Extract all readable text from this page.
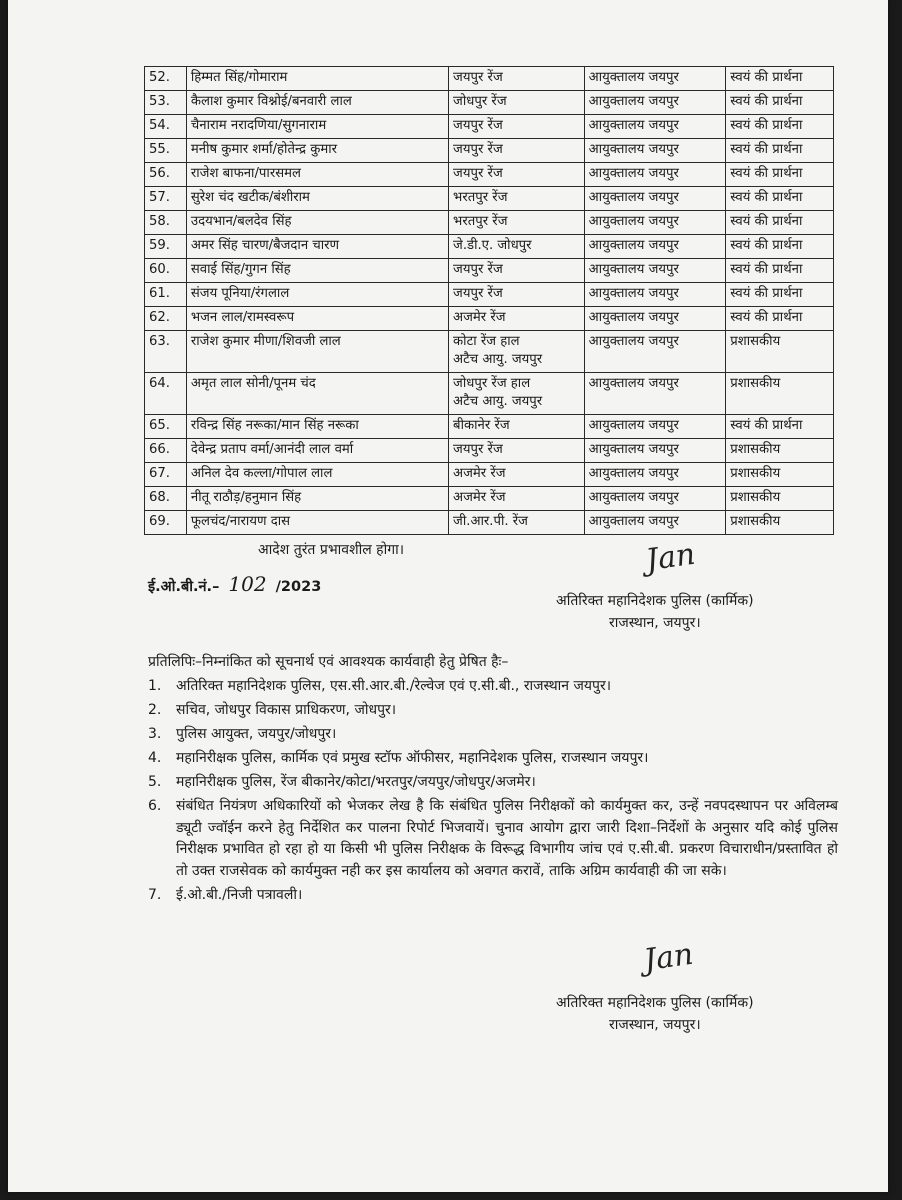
52.	हिम्मत सिंह/गोमाराम	जयपुर रेंज	आयुक्तालय जयपुर	स्वयं की प्रार्थना

53.	कैलाश कुमार विश्नोई/बनवारी लाल	जोधपुर रेंज	आयुक्तालय जयपुर	स्वयं की प्रार्थना

54.	चैनाराम नरादणिया/सुगनाराम	जयपुर रेंज	आयुक्तालय जयपुर	स्वयं की प्रार्थना

55.	मनीष कुमार शर्मा/होतेन्द्र कुमार	जयपुर रेंज	आयुक्तालय जयपुर	स्वयं की प्रार्थना

56.	राजेश बाफना/पारसमल	जयपुर रेंज	आयुक्तालय जयपुर	स्वयं की प्रार्थना

57.	सुरेश चंद खटीक/बंशीराम	भरतपुर रेंज	आयुक्तालय जयपुर	स्वयं की प्रार्थना

58.	उदयभान/बलदेव सिंह	भरतपुर रेंज	आयुक्तालय जयपुर	स्वयं की प्रार्थना

59.	अमर सिंह चारण/बैजदान चारण	जे.डी.ए. जोधपुर	आयुक्तालय जयपुर	स्वयं की प्रार्थना

60.	सवाई सिंह/गुगन सिंह	जयपुर रेंज	आयुक्तालय जयपुर	स्वयं की प्रार्थना

61.	संजय पूनिया/रंगलाल	जयपुर रेंज	आयुक्तालय जयपुर	स्वयं की प्रार्थना

62.	भजन लाल/रामस्वरूप	अजमेर रेंज	आयुक्तालय जयपुर	स्वयं की प्रार्थना

63.	राजेश कुमार मीणा/शिवजी लाल	कोटा रेंज हाल
अटैच आयु. जयपुर	आयुक्तालय जयपुर	प्रशासकीय

64.	अमृत लाल सोनी/पूनम चंद	जोधपुर रेंज हाल
अटैच आयु. जयपुर	आयुक्तालय जयपुर	प्रशासकीय

65.	रविन्द्र सिंह नरूका/मान सिंह नरूका	बीकानेर रेंज	आयुक्तालय जयपुर	स्वयं की प्रार्थना

66.	देवेन्द्र प्रताप वर्मा/आनंदी लाल वर्मा	जयपुर रेंज	आयुक्तालय जयपुर	प्रशासकीय

67.	अनिल देव कल्ला/गोपाल लाल	अजमेर रेंज	आयुक्तालय जयपुर	प्रशासकीय

68.	नीतू राठौड़/हनुमान सिंह	अजमेर रेंज	आयुक्तालय जयपुर	प्रशासकीय

69.	फूलचंद/नारायण दास	जी.आर.पी. रेंज	आयुक्तालय जयपुर	प्रशासकीय
आदेश तुरंत प्रभावशील होगा।
ई.ओ.बी.नं.– 102 /2023
Jan
अतिरिक्त महानिदेशक पुलिस (कार्मिक)
राजस्थान, जयपुर।
प्रतिलिपिः–निम्नांकित को सूचनार्थ एवं आवश्यक कार्यवाही हेतु प्रेषित हैः–
1.	अतिरिक्त महानिदेशक पुलिस, एस.सी.आर.बी./रेल्वेज एवं ए.सी.बी., राजस्थान जयपुर।
2.	सचिव, जोधपुर विकास प्राधिकरण, जोधपुर।
3.	पुलिस आयुक्त, जयपुर/जोधपुर।
4.	महानिरीक्षक पुलिस, कार्मिक एवं प्रमुख स्टॉफ ऑफीसर, महानिदेशक पुलिस, राजस्थान जयपुर।
5.	महानिरीक्षक पुलिस, रेंज बीकानेर/कोटा/भरतपुर/जयपुर/जोधपुर/अजमेर।
6.	संबंधित नियंत्रण अधिकारियों को भेजकर लेख है कि संबंधित पुलिस निरीक्षकों को कार्यमुक्त कर, उन्हें नवपदस्थापन पर अविलम्ब ड्यूटी ज्वॉईन करने हेतु निर्देशित कर पालना रिपोर्ट भिजवायें। चुनाव आयोग द्वारा जारी दिशा–निर्देशों के अनुसार यदि कोई पुलिस निरीक्षक प्रभावित हो रहा हो या किसी भी पुलिस निरीक्षक के विरूद्ध विभागीय जांच एवं ए.सी.बी. प्रकरण विचाराधीन/प्रस्तावित हो तो उक्त राजसेवक को कार्यमुक्त नही कर इस कार्यालय को अवगत करावें, ताकि अग्रिम कार्यवाही की जा सके।
7.	ई.ओ.बी./निजी पत्रावली।
Jan
अतिरिक्त महानिदेशक पुलिस (कार्मिक)
राजस्थान, जयपुर।
